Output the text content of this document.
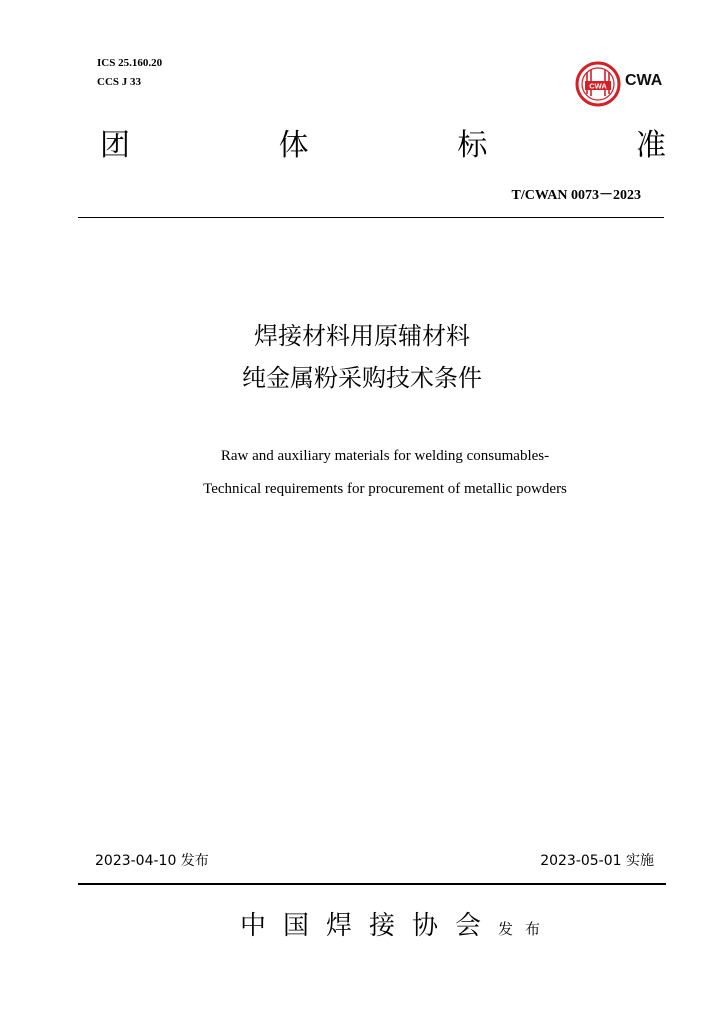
ICS 25.160.20
CCS J 33	CWA CWA
团	体	标	准
T/CWAN 0073－2023
焊接材料用原辅材料
纯金属粉采购技术条件
Raw and auxiliary materials for welding consumables-
Technical requirements for procurement of metallic powders
2023-04-10 发布	2023-05-01 实施
中国焊接协会发布
